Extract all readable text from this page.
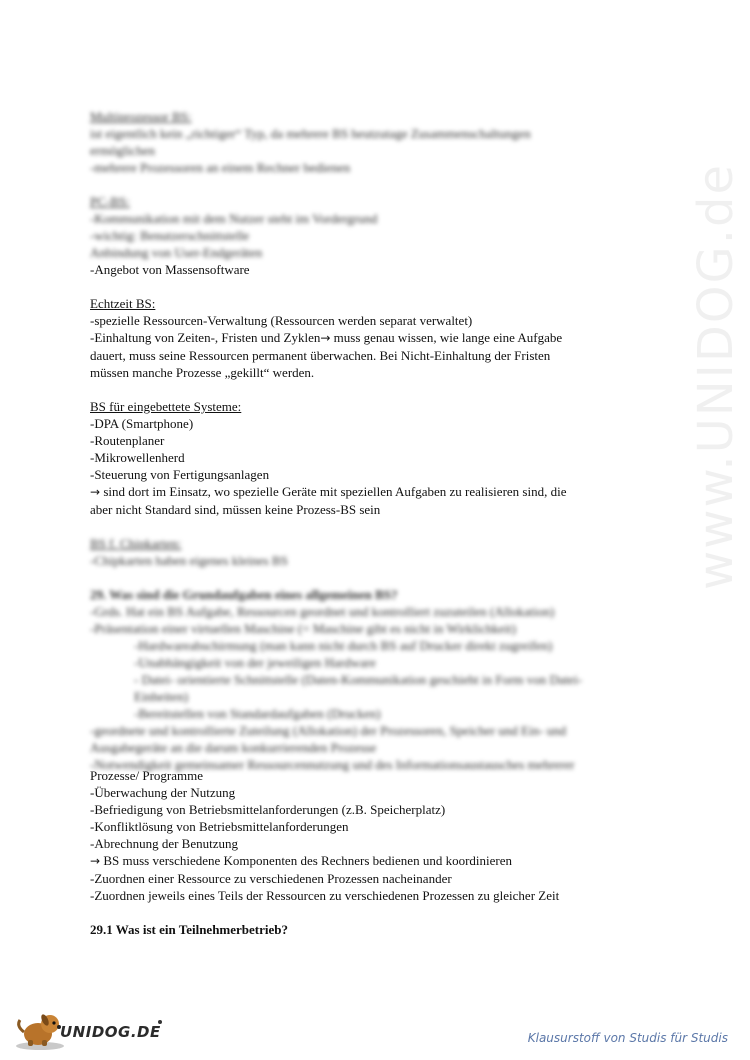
www.UNIDOG.de
Multiprozessor BS:
ist eigentlich kein „richtiger“ Typ, da mehrere BS heutzutage Zusammenschaltungen
ermöglichen
-mehrere Prozessoren an einem Rechner bedienen
PC-BS:
-Kommunikation mit dem Nutzer steht im Vordergrund
-wichtig: Benutzerschnittstelle
Anbindung von User-Endgeräten
-Angebot von Massensoftware
Echtzeit BS:
-spezielle Ressourcen-Verwaltung (Ressourcen werden separat verwaltet)
-Einhaltung von Zeiten-, Fristen und Zyklen→ muss genau wissen, wie lange eine Aufgabe
dauert, muss seine Ressourcen permanent überwachen. Bei Nicht-Einhaltung der Fristen
müssen manche Prozesse „gekillt“ werden.
BS für eingebettete Systeme:
-DPA (Smartphone)
-Routenplaner
-Mikrowellenherd
-Steuerung von Fertigungsanlagen
→ sind dort im Einsatz, wo spezielle Geräte mit speziellen Aufgaben zu realisieren sind, die
aber nicht Standard sind, müssen keine Prozess-BS sein
BS f. Chipkarten:
-Chipkarten haben eigenes kleines BS
29. Was sind die Grundaufgaben eines allgemeinen BS?
-Grds. Hat ein BS Aufgabe, Ressourcen geordnet und kontrolliert zuzuteilen (Allokation)
-Präsentation einer virtuellen Maschine (= Maschine gibt es nicht in Wirklichkeit)
-Hardwareabschirmung (man kann nicht durch BS auf Drucker direkt zugreifen)
-Unabhängigkeit von der jeweiligen Hardware
- Datei- orientierte Schnittstelle (Daten-Kommunikation geschieht in Form von Datei-
Einheiten)
-Bereitstellen von Standardaufgaben (Drucken)
-geordnete und kontrollierte Zuteilung (Allokation) der Prozessoren, Speicher und Ein- und
Ausgabegeräte an die darum konkurrierenden Prozesse
-Notwendigkeit gemeinsamer Ressourcennutzung und des Informationsaustausches mehrerer
Prozesse/ Programme
-Überwachung der Nutzung
-Befriedigung von Betriebsmittelanforderungen (z.B. Speicherplatz)
-Konfliktlösung von Betriebsmittelanforderungen
-Abrechnung der Benutzung
→ BS muss verschiedene Komponenten des Rechners bedienen und koordinieren
-Zuordnen einer Ressource zu verschiedenen Prozessen nacheinander
-Zuordnen jeweils eines Teils der Ressourcen zu verschiedenen Prozessen zu gleicher Zeit
29.1 Was ist ein Teilnehmerbetrieb?
UNIDOG.DE	Klausurstoff von Studis für Studis
